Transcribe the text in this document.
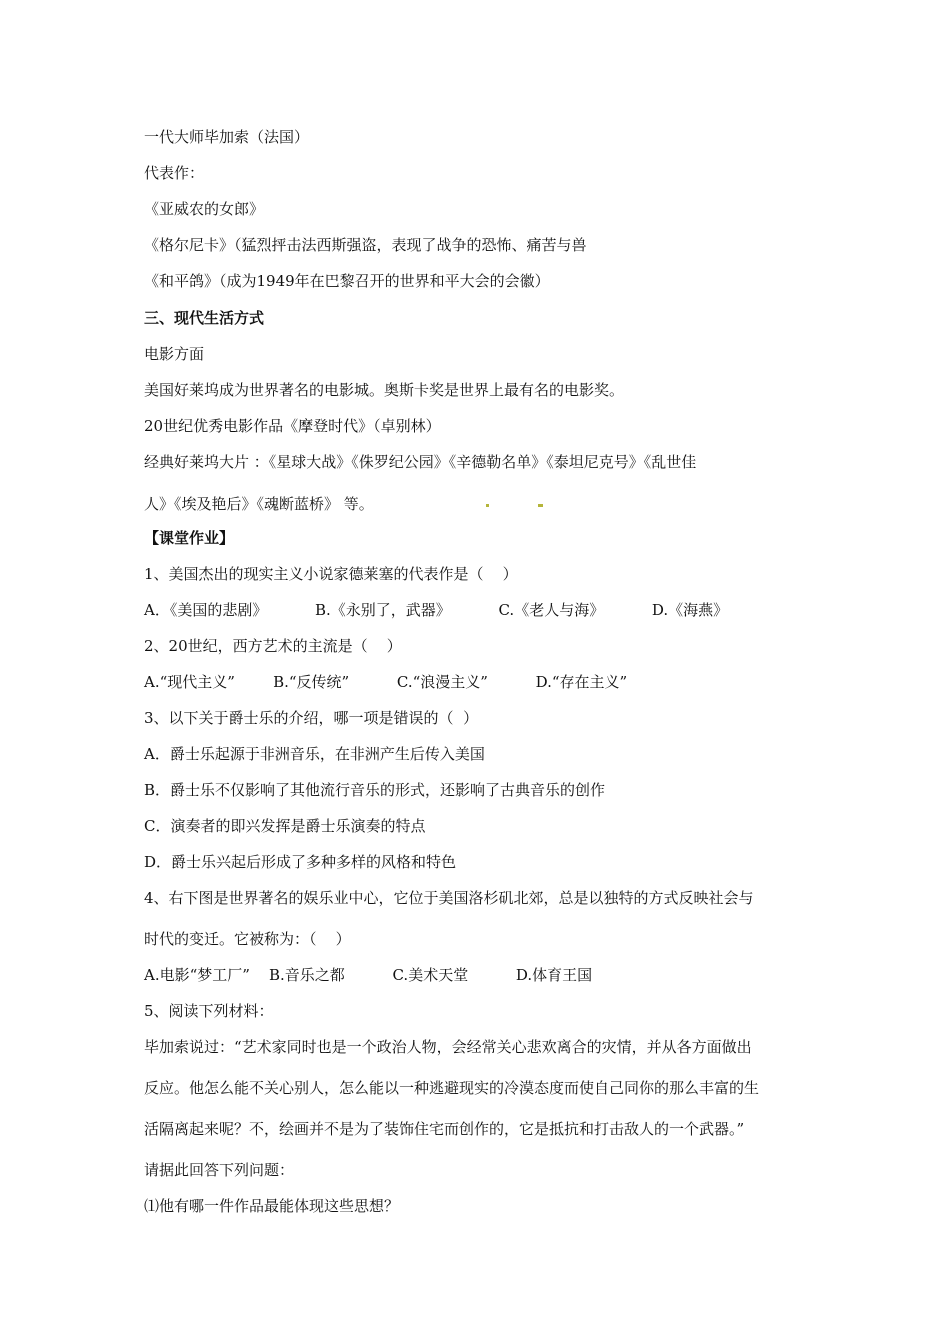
一代大师毕加索（法国）
代表作：
《亚威农的女郎》
《格尔尼卡》（猛烈抨击法西斯强盗，表现了战争的恐怖、痛苦与兽
《和平鸽》（成为1949年在巴黎召开的世界和平大会的会徽）
三、现代生活方式
电影方面
美国好莱坞成为世界著名的电影城。奥斯卡奖是世界上最有名的电影奖。
20世纪优秀电影作品《摩登时代》（卓别林）
经典好莱坞大片 ：《星球大战》《侏罗纪公园》《辛德勒名单》《泰坦尼克号》《乱世佳
人》《埃及艳后》《魂断蓝桥》 等。
【课堂作业】
1、美国杰出的现实主义小说家德莱塞的代表作是（    ）
A．《美国的悲剧》          B.《永别了，武器》          C.《老人与海》          D.《海燕》
2、20世纪，西方艺术的主流是（    ）
A.“现代主义”        B.“反传统”          C.“浪漫主义”          D.“存在主义”
3、以下关于爵士乐的介绍，哪一项是错误的（  ）
A．爵士乐起源于非洲音乐，在非洲产生后传入美国
B．爵士乐不仅影响了其他流行音乐的形式，还影响了古典音乐的创作
C．演奏者的即兴发挥是爵士乐演奏的特点
D．爵士乐兴起后形成了多种多样的风格和特色
4、右下图是世界著名的娱乐业中心，它位于美国洛杉矶北郊，总是以独特的方式反映社会与
时代的变迁。它被称为：（    ）
A.电影“梦工厂”    B.音乐之都          C.美术天堂          D.体育王国
5、阅读下列材料：
毕加索说过：“艺术家同时也是一个政治人物，会经常关心悲欢离合的灾情，并从各方面做出
反应。他怎么能不关心别人，怎么能以一种逃避现实的冷漠态度而使自己同你的那么丰富的生
活隔离起来呢？不，绘画并不是为了装饰住宅而创作的，它是抵抗和打击敌人的一个武器。”
请据此回答下列问题：
⑴他有哪一件作品最能体现这些思想？
